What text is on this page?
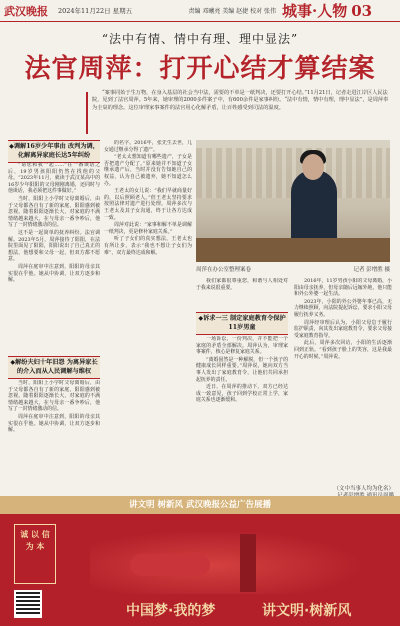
武汉晚报	2024年11月22日 星期五	责编 邓曦亮 美编 赵捷 校对 张伟 城事·人物 03
“法中有情、情中有理、理中显法”
法官周萍：打开心结才算结案
“案事同始于生万物，在身入基层的社会当中法，需要的不单是一纸判决，还要打开心结。”11月21日，记者走进江岸区人民法院，见到了法官周萍。5年来，她审理的2000多件案子中，有600余件是家事纠纷。“法中有情，情中有理，理中显法”，是周萍奉为圭臬的理念。这位审理家事案件的法官用心化解矛盾，让百姓感受到司法的温度。
◆调解16岁少年事由 改判为调，化解离异家庭长达5年纠纷

“请您和我一起……”在一番谈话之后，19岁男孩阳阳仍然在找他的父母。“2023年11月，就读于武汉某高中的16岁少年阳阳的父母刚刚离婚，还同时与他谈话，我必须把这件事做好。”

当时，阳阳上小学时父母离婚后，由于父母都各自有了新的家庭，阳阳感到被忽视。随着阳阳逐渐长大，对家庭的不满情绪越来越大，在与母亲一番争吵后，他写了一封情绪激动的信。

这不是一起简单的抚养纠纷。法官调解。2023年5月，周萍接待了阳阳，在法院里面见了阳阳，阳阳说出了自己真正的想法，他想要和父母一起，但双方都不愿意。

周萍在庭审中注意到，阳阳的母亲其实很在乎他。她从中协调，让双方逐步和解。

◆解纷夫妇十年旧怨 为离异家长的介入而从人民调解与维权

当时，阳阳上小学时父母离婚后，由于父母都各自有了新的家庭，阳阳感到被忽视。随着阳阳逐渐长大，对家庭的不满情绪越来越大，在与母亲一番争吵后，他写了一封情绪激动的信。

周萍在庭审中注意到，阳阳的母亲其实很在乎他。她从中协调，让双方逐步和解。

的名字。2016年，张先生去世，儿女通过继承分得了遗产。

“老太太想知道有哪些遗产，子女是否把遗产分配了。”原来她并不知道子女继承遗产后，当时并没有告知她自己的权益，认为自己被遗弃，她不知道怎么办。

王老太的女儿说：“我们早就商量好的，以后照顾老人。”但王老太坚持要求按照法律对遗产进行处理。周萍多次与王老太及其子女沟通，终于让各方达成一致。

周萍对此说：“家事和解不单是调解一纸判决，更是修补家庭关系。”

听了子女们的真实想法，王老太也有所让步，表示“我也不想让子女们为难”，双方最终达成和解。

周萍在办公室整理案卷	记者 彭增胜 摄

我们家都很尊重您，和谐与人相处对于我来说很重要。

◆诉求一三 制定家庭教育令保护11岁男童

一场诉讼，一份判决，并不能把一个家庭的矛盾全部解决。周萍认为，审理家事案件，核心是修复家庭关系。

“离婚固然是一种解脱，但一个孩子的健康成长同样重要。”周萍说，她向双方当事人发出了家庭教育令，让他们共同承担起抚养的责任。

近日，在周萍的推动下，双方已经达成一致意见，孩子回到学校正常上学，家庭关系也逐渐缓和。

2016年，11岁男孩小阳的父母离婚，小阳由母亲抚养，但母亲随后远嫁外地，他只能和外公外婆一起生活。

2023年，小阳的外公外婆年事已高，无力继续照顾，向法院提起诉讼，要求小阳父母履行抚养义务。

周萍经审理后认为，小阳父母怠于履行监护职责，向其发出家庭教育令，要求父母接受家庭教育指导。

此后，周萍多次回访，小阳的生活逐渐回到正轨。“看到孩子脸上的笑容，这是我最开心的时候。”周萍说。

（文中当事人均为化名）

讲文明 树新风 武汉晚报公益广告展播
诚 以 信 为 本
中国梦·我的梦	讲文明·树新风
